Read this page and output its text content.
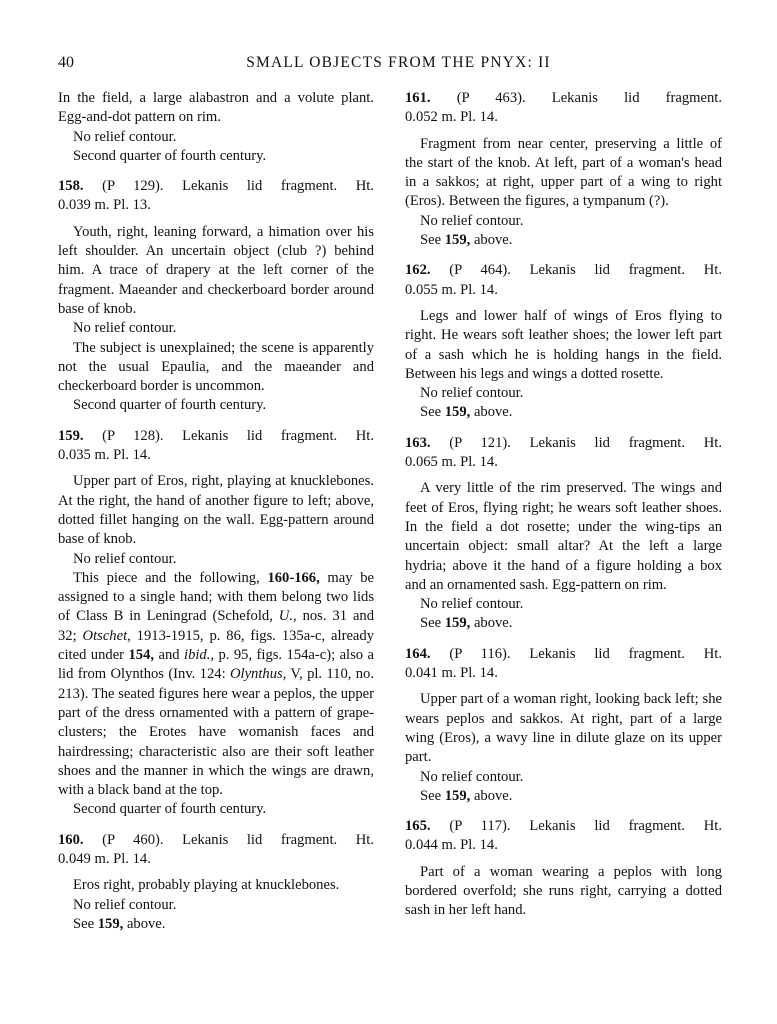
40	SMALL OBJECTS FROM THE PNYX: II

In the field, a large alabastron and a volute plant. Egg-and-dot pattern on rim.

No relief contour.

Second quarter of fourth century.

158. (P 129). Lekanis lid fragment. Ht.
0.039 m. Pl. 13.

Youth, right, leaning forward, a himation over his left shoulder. An uncertain object (club ?) behind him. A trace of drapery at the left corner of the fragment. Maeander and checkerboard border around base of knob.

No relief contour.

The subject is unexplained; the scene is apparently not the usual Epaulia, and the maeander and checkerboard border is uncommon.

Second quarter of fourth century.

159. (P 128). Lekanis lid fragment. Ht.
0.035 m. Pl. 14.

Upper part of Eros, right, playing at knucklebones. At the right, the hand of another figure to left; above, dotted fillet hanging on the wall. Egg-pattern around base of knob.

No relief contour.

This piece and the following, 160-166, may be assigned to a single hand; with them belong two lids of Class B in Leningrad (Schefold, U., nos. 31 and 32; Otschet, 1913-1915, p. 86, figs. 135a-c, already cited under 154, and ibid., p. 95, figs. 154a-c); also a lid from Olynthos (Inv. 124: Olynthus, V, pl. 110, no. 213). The seated figures here wear a peplos, the upper part of the dress ornamented with a pattern of grape-clusters; the Erotes have womanish faces and hairdressing; characteristic also are their soft leather shoes and the manner in which the wings are drawn, with a black band at the top.

Second quarter of fourth century.

160. (P 460). Lekanis lid fragment. Ht.
0.049 m. Pl. 14.

Eros right, probably playing at knucklebones.

No relief contour.

See 159, above.

161. (P 463). Lekanis lid fragment.
0.052 m. Pl. 14.

Fragment from near center, preserving a little of the start of the knob. At left, part of a woman's head in a sakkos; at right, upper part of a wing to right (Eros). Between the figures, a tympanum (?).

No relief contour.

See 159, above.

162. (P 464). Lekanis lid fragment. Ht.
0.055 m. Pl. 14.

Legs and lower half of wings of Eros flying to right. He wears soft leather shoes; the lower left part of a sash which he is holding hangs in the field. Between his legs and wings a dotted rosette.

No relief contour.

See 159, above.

163. (P 121). Lekanis lid fragment. Ht.
0.065 m. Pl. 14.

A very little of the rim preserved. The wings and feet of Eros, flying right; he wears soft leather shoes. In the field a dot rosette; under the wing-tips an uncertain object: small altar? At the left a large hydria; above it the hand of a figure holding a box and an ornamented sash. Egg-pattern on rim.

No relief contour.

See 159, above.

164. (P 116). Lekanis lid fragment. Ht.
0.041 m. Pl. 14.

Upper part of a woman right, looking back left; she wears peplos and sakkos. At right, part of a large wing (Eros), a wavy line in dilute glaze on its upper part.

No relief contour.

See 159, above.

165. (P 117). Lekanis lid fragment. Ht.
0.044 m. Pl. 14.

Part of a woman wearing a peplos with long bordered overfold; she runs right, carrying a dotted sash in her left hand.
